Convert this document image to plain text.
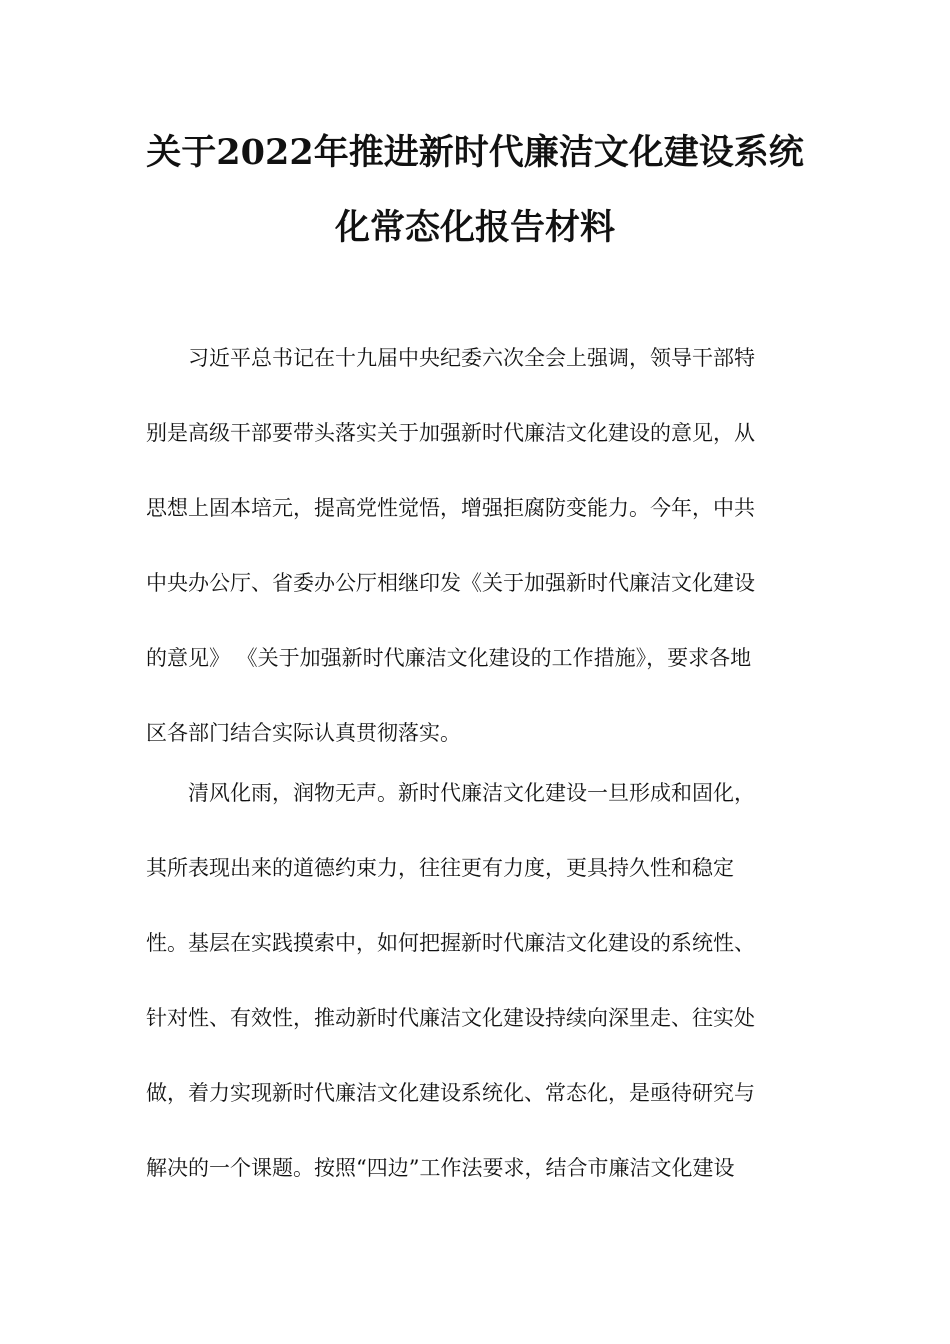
关于2022年推进新时代廉洁文化建设系统
化常态化报告材料
习近平总书记在十九届中央纪委六次全会上强调，领导干部特
别是高级干部要带头落实关于加强新时代廉洁文化建设的意见，从
思想上固本培元，提高党性觉悟，增强拒腐防变能力。今年，中共
中央办公厅、省委办公厅相继印发《关于加强新时代廉洁文化建设
的意见》 《关于加强新时代廉洁文化建设的工作措施》，要求各地
区各部门结合实际认真贯彻落实。
清风化雨，润物无声。新时代廉洁文化建设一旦形成和固化，
其所表现出来的道德约束力，往往更有力度，更具持久性和稳定
性。基层在实践摸索中，如何把握新时代廉洁文化建设的系统性、
针对性、有效性，推动新时代廉洁文化建设持续向深里走、往实处
做，着力实现新时代廉洁文化建设系统化、常态化，是亟待研究与
解决的一个课题。按照“四边”工作法要求，结合市廉洁文化建设
